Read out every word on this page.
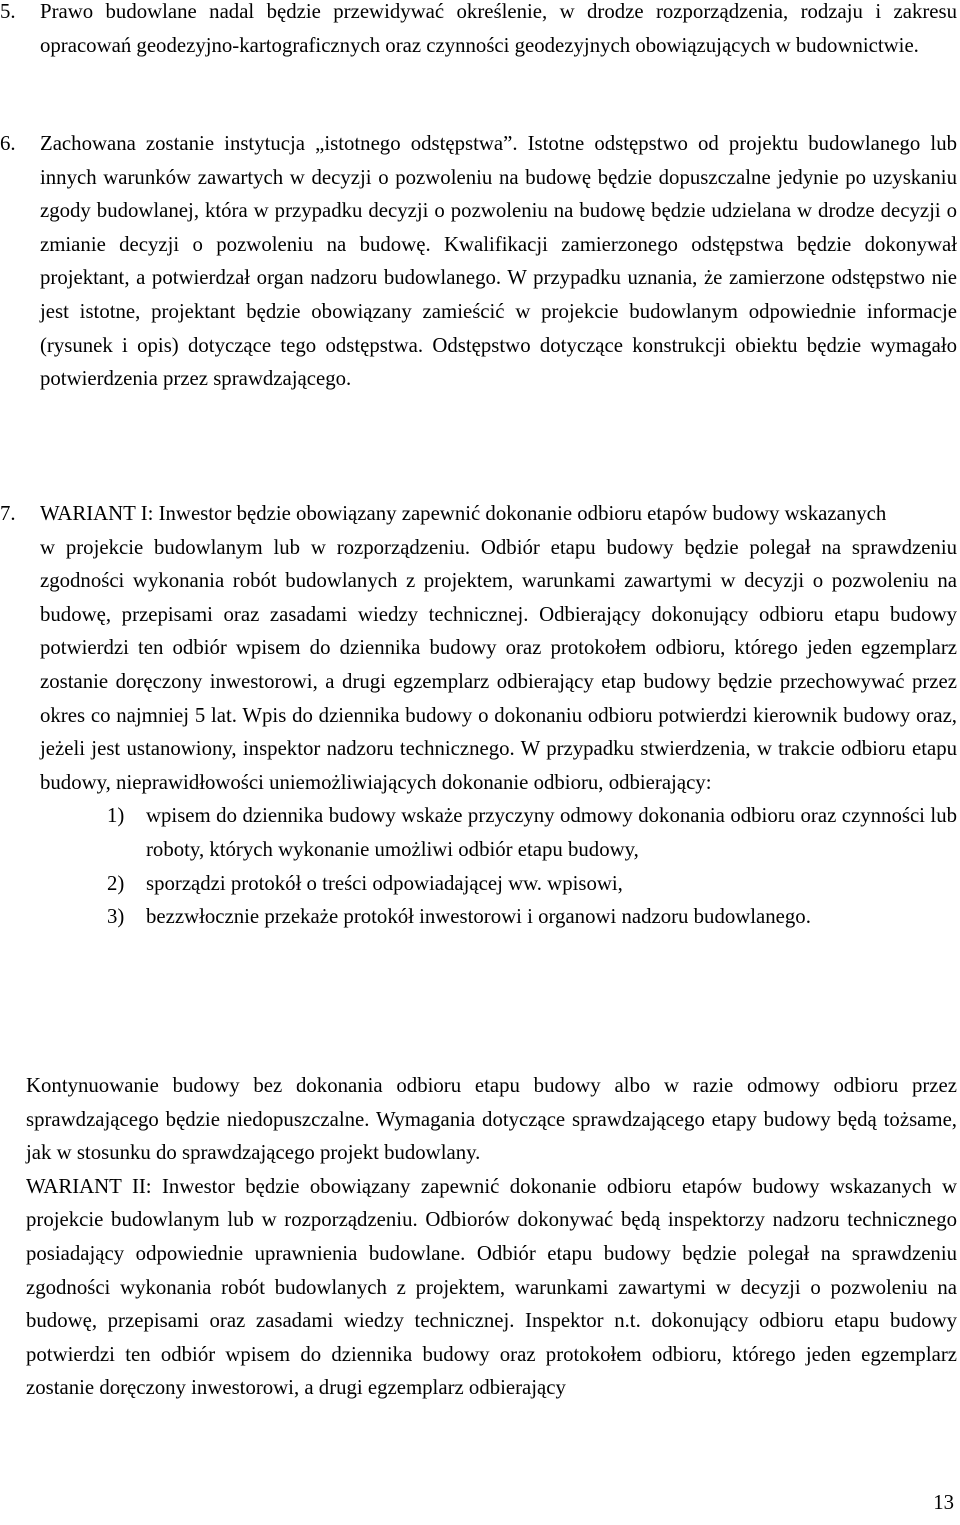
5. Prawo budowlane nadal będzie przewidywać określenie, w drodze rozporządzenia, rodzaju i zakresu opracowań geodezyjno-kartograficznych oraz czynności geodezyjnych obowiązujących w budownictwie.
6. Zachowana zostanie instytucja „istotnego odstępstwa”. Istotne odstępstwo od projektu budowlanego lub innych warunków zawartych w decyzji o pozwoleniu na budowę będzie dopuszczalne jedynie po uzyskaniu zgody budowlanej, która w przypadku decyzji o pozwoleniu na budowę będzie udzielana w drodze decyzji o zmianie decyzji o pozwoleniu na budowę. Kwalifikacji zamierzonego odstępstwa będzie dokonywał projektant, a potwierdzał organ nadzoru budowlanego. W przypadku uznania, że zamierzone odstępstwo nie jest istotne, projektant będzie obowiązany zamieścić w projekcie budowlanym odpowiednie informacje (rysunek i opis) dotyczące tego odstępstwa. Odstępstwo dotyczące konstrukcji obiektu będzie wymagało potwierdzenia przez sprawdzającego.
7. WARIANT I: Inwestor będzie obowiązany zapewnić dokonanie odbioru etapów budowy wskazanych
w projekcie budowlanym lub w rozporządzeniu. Odbiór etapu budowy będzie polegał na sprawdzeniu zgodności wykonania robót budowlanych z projektem, warunkami zawartymi w decyzji o pozwoleniu na budowę, przepisami oraz zasadami wiedzy technicznej. Odbierający dokonujący odbioru etapu budowy potwierdzi ten odbiór wpisem do dziennika budowy oraz protokołem odbioru, którego jeden egzemplarz zostanie doręczony inwestorowi, a drugi egzemplarz odbierający etap budowy będzie przechowywać przez okres co najmniej 5 lat. Wpis do dziennika budowy o dokonaniu odbioru potwierdzi kierownik budowy oraz, jeżeli jest ustanowiony, inspektor nadzoru technicznego. W przypadku stwierdzenia, w trakcie odbioru etapu budowy, nieprawidłowości uniemożliwiających dokonanie odbioru, odbierający:
1) wpisem do dziennika budowy wskaże przyczyny odmowy dokonania odbioru oraz czynności lub roboty, których wykonanie umożliwi odbiór etapu budowy,
2) sporządzi protokół o treści odpowiadającej ww. wpisowi,
3) bezzwłocznie przekaże protokół inwestorowi i organowi nadzoru budowlanego.
Kontynuowanie budowy bez dokonania odbioru etapu budowy albo w razie odmowy odbioru przez sprawdzającego będzie niedopuszczalne. Wymagania dotyczące sprawdzającego etapy budowy będą tożsame, jak w stosunku do sprawdzającego projekt budowlany.
WARIANT II: Inwestor będzie obowiązany zapewnić dokonanie odbioru etapów budowy wskazanych w projekcie budowlanym lub w rozporządzeniu. Odbiorów dokonywać będą inspektorzy nadzoru technicznego posiadający odpowiednie uprawnienia budowlane. Odbiór etapu budowy będzie polegał na sprawdzeniu zgodności wykonania robót budowlanych z projektem, warunkami zawartymi w decyzji o pozwoleniu na budowę, przepisami oraz zasadami wiedzy technicznej. Inspektor n.t. dokonujący odbioru etapu budowy potwierdzi ten odbiór wpisem do dziennika budowy oraz protokołem odbioru, którego jeden egzemplarz zostanie doręczony inwestorowi, a drugi egzemplarz odbierający
13
